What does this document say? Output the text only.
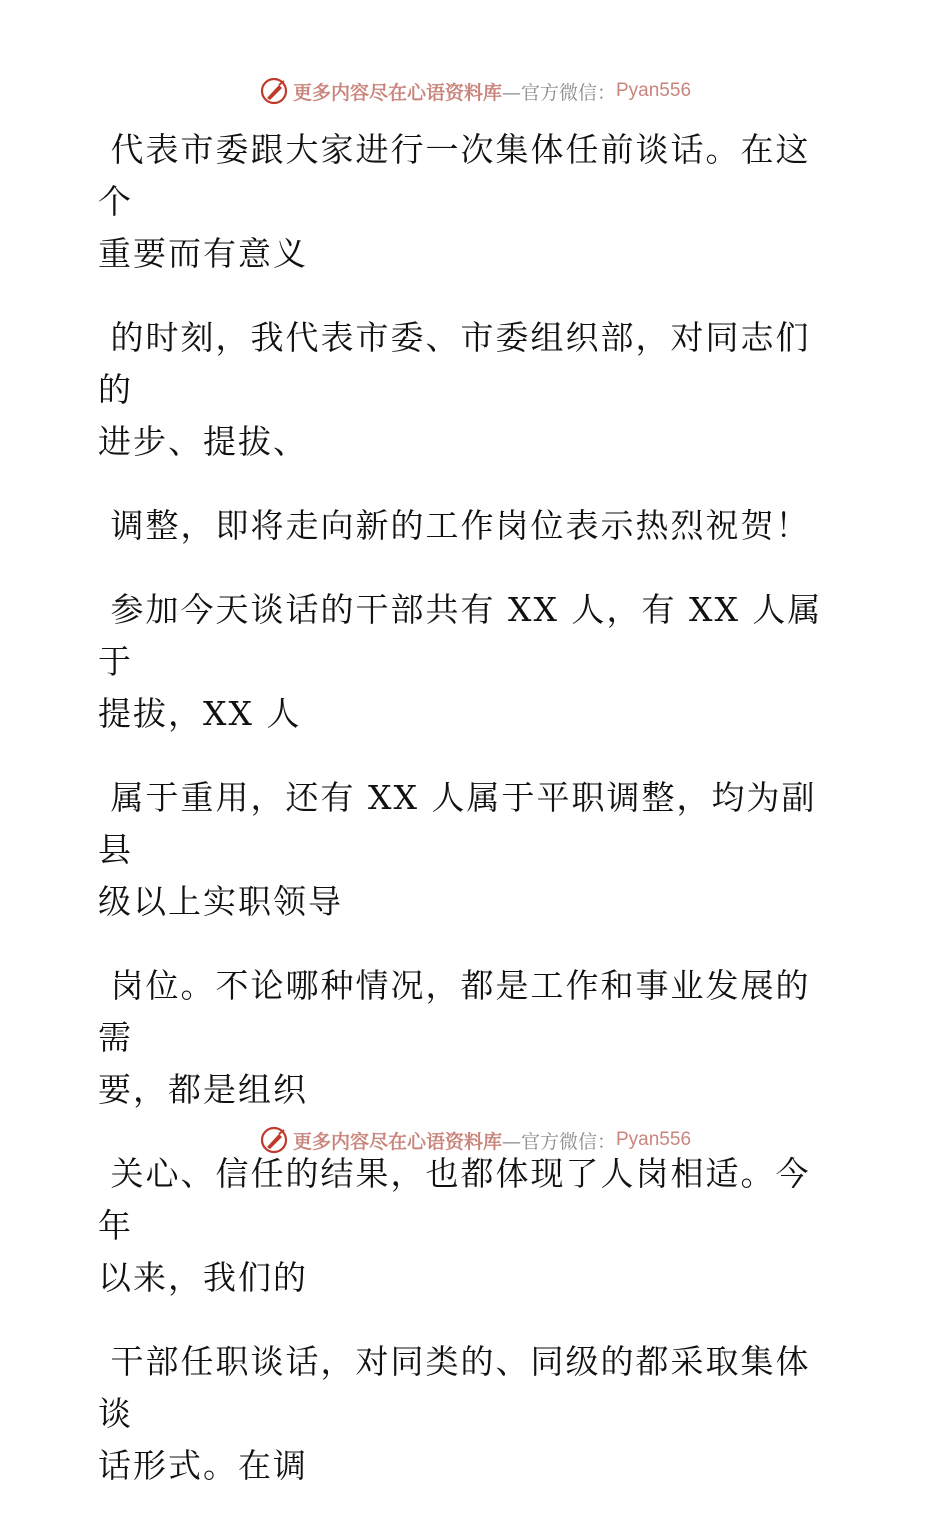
更多内容尽在心语资料库 —官方微信： Pyan556

代表市委跟大家进行一次集体任前谈话。在这个
重要而有意义

的时刻，我代表市委、市委组织部，对同志们的
进步、提拔、

调整，即将走向新的工作岗位表示热烈祝贺！

参加今天谈话的干部共有 XX 人，有 XX 人属于
提拔，XX 人

属于重用，还有 XX 人属于平职调整，均为副县
级以上实职领导

岗位。不论哪种情况，都是工作和事业发展的需
要，都是组织

关心、信任的结果，也都体现了人岗相适。今年
以来，我们的

干部任职谈话，对同类的、同级的都采取集体谈
话形式。在调

更多内容尽在心语资料库 —官方微信： Pyan556
